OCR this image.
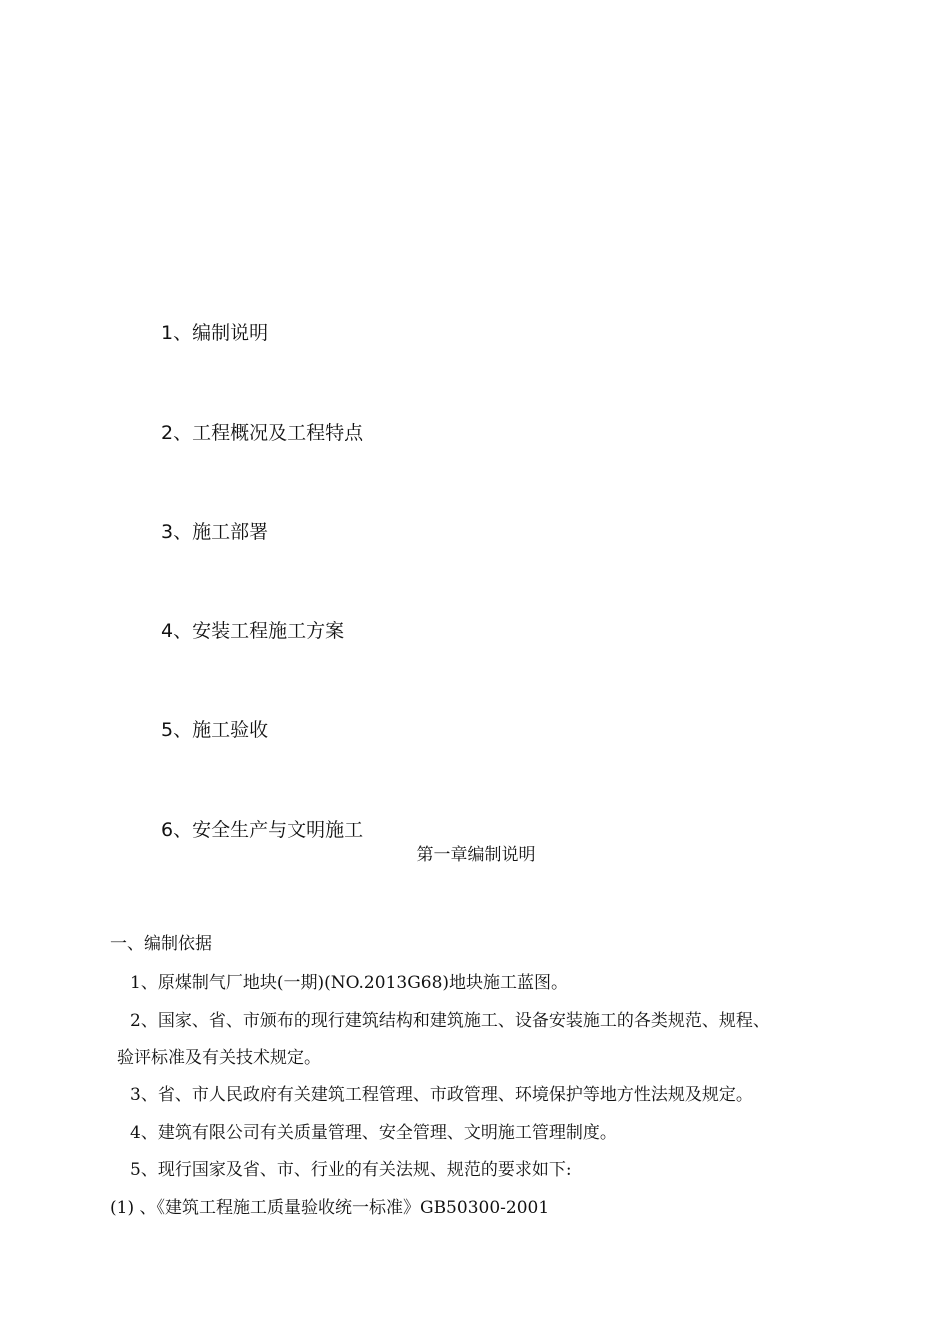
1、编制说明
2、工程概况及工程特点
3、施工部署
4、安装工程施工方案
5、施工验收
6、安全生产与文明施工
第一章编制说明
一、编制依据
1、原煤制气厂地块(一期)(NO.2013G68)地块施工蓝图。
2、国家、省、市颁布的现行建筑结构和建筑施工、设备安装施工的各类规范、规程、
验评标准及有关技术规定。
3、省、市人民政府有关建筑工程管理、市政管理、环境保护等地方性法规及规定。
4、建筑有限公司有关质量管理、安全管理、文明施工管理制度。
5、现行国家及省、市、行业的有关法规、规范的要求如下:
(1) 、《建筑工程施工质量验收统一标准》GB50300-2001
